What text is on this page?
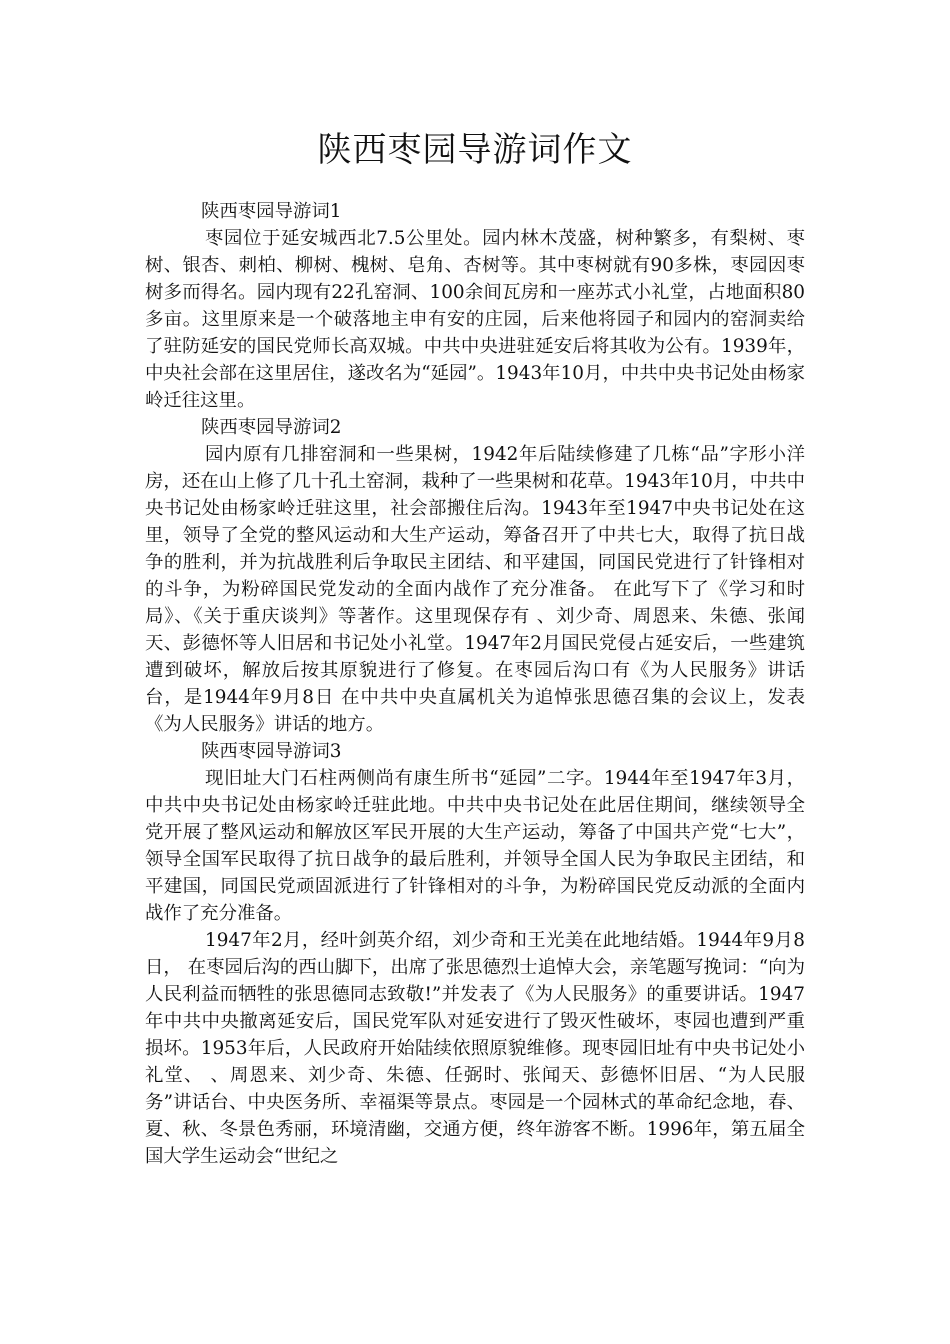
陕西枣园导游词作文

陕西枣园导游词1

枣园位于延安城西北7.5公里处。园内林木茂盛，树种繁多，有梨树、枣树、银杏、刺柏、柳树、槐树、皂角、杏树等。其中枣树就有90多株，枣园因枣树多而得名。园内现有22孔窑洞、100余间瓦房和一座苏式小礼堂，占地面积80多亩。这里原来是一个破落地主申有安的庄园，后来他将园子和园内的窑洞卖给了驻防延安的国民党师长高双城。中共中央进驻延安后将其收为公有。1939年，中央社会部在这里居住，遂改名为“延园”。1943年10月，中共中央书记处由杨家岭迁往这里。

陕西枣园导游词2

园内原有几排窑洞和一些果树，1942年后陆续修建了几栋“品”字形小洋房，还在山上修了几十孔土窑洞，栽种了一些果树和花草。1943年10月，中共中央书记处由杨家岭迁驻这里，社会部搬住后沟。1943年至1947中央书记处在这里，领导了全党的整风运动和大生产运动，筹备召开了中共七大，取得了抗日战争的胜利，并为抗战胜利后争取民主团结、和平建国，同国民党进行了针锋相对的斗争，为粉碎国民党发动的全面内战作了充分准备。 在此写下了《学习和时局》、《关于重庆谈判》等著作。这里现保存有 、刘少奇、周恩来、朱德、张闻天、彭德怀等人旧居和书记处小礼堂。1947年2月国民党侵占延安后，一些建筑遭到破坏，解放后按其原貌进行了修复。在枣园后沟口有《为人民服务》讲话台，是1944年9月8日 在中共中央直属机关为追悼张思德召集的会议上，发表《为人民服务》讲话的地方。

陕西枣园导游词3

现旧址大门石柱两侧尚有康生所书“延园”二字。1944年至1947年3月，中共中央书记处由杨家岭迁驻此地。中共中央书记处在此居住期间，继续领导全党开展了整风运动和解放区军民开展的大生产运动，筹备了中国共产党“七大”，领导全国军民取得了抗日战争的最后胜利，并领导全国人民为争取民主团结，和平建国，同国民党顽固派进行了针锋相对的斗争，为粉碎国民党反动派的全面内战作了充分准备。

1947年2月，经叶剑英介绍，刘少奇和王光美在此地结婚。1944年9月8日， 在枣园后沟的西山脚下，出席了张思德烈士追悼大会，亲笔题写挽词：“向为人民利益而牺牲的张思德同志致敬!”并发表了《为人民服务》的重要讲话。1947年中共中央撤离延安后，国民党军队对延安进行了毁灭性破坏，枣园也遭到严重损坏。1953年后，人民政府开始陆续依照原貌维修。现枣园旧址有中央书记处小礼堂、 、周恩来、刘少奇、朱德、任弼时、张闻天、彭德怀旧居、“为人民服务”讲话台、中央医务所、幸福渠等景点。枣园是一个园林式的革命纪念地，春、夏、秋、冬景色秀丽，环境清幽，交通方便，终年游客不断。1996年，第五届全国大学生运动会“世纪之
